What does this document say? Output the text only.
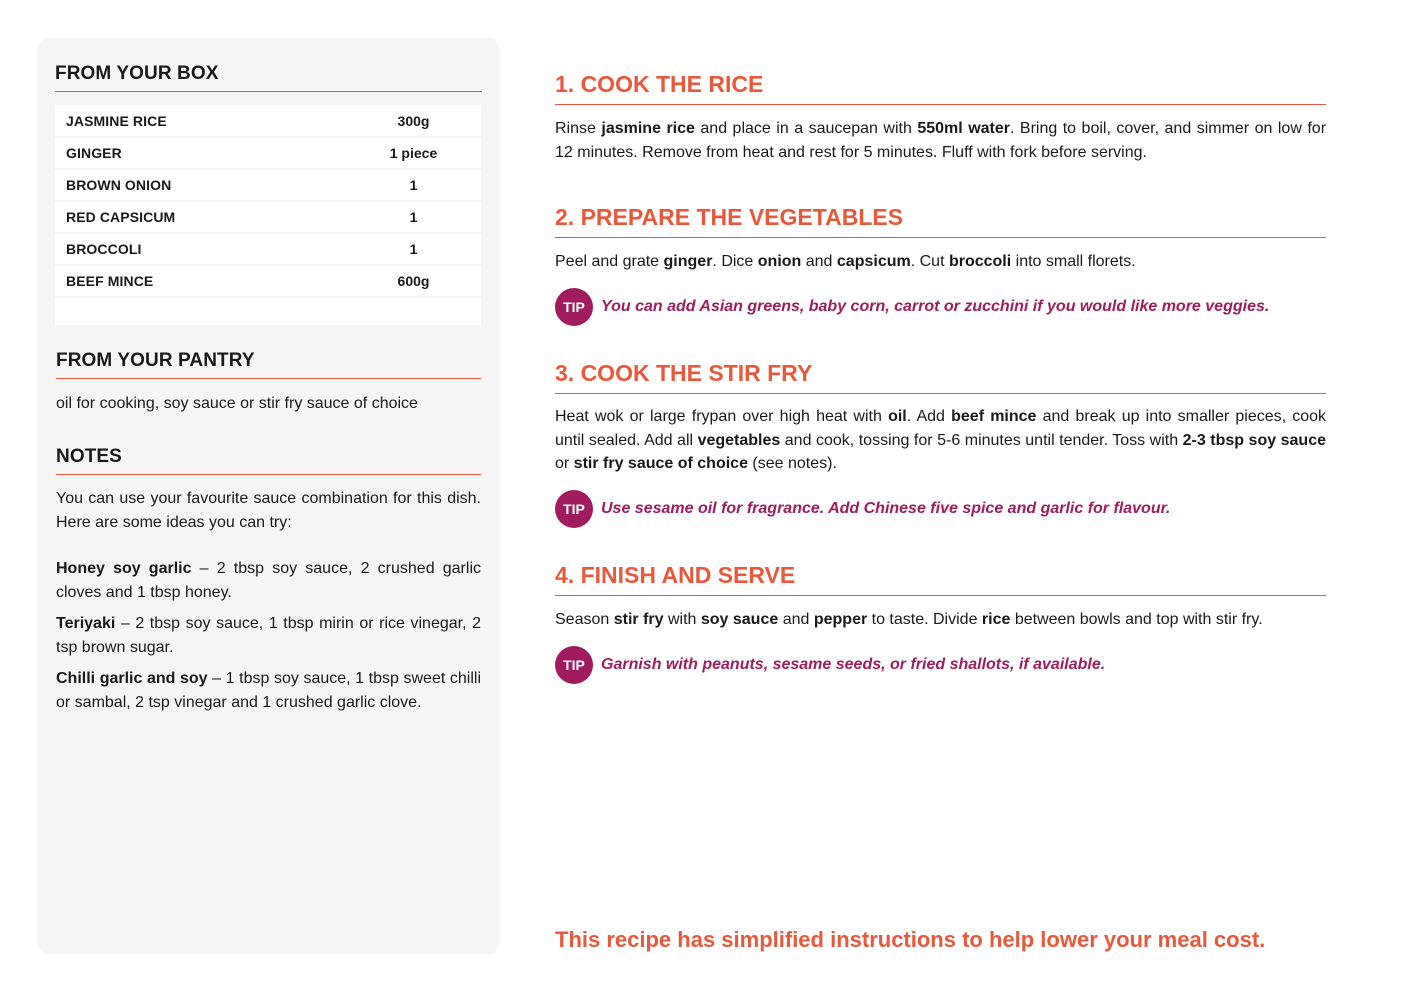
FROM YOUR BOX
JASMINE RICE	300g
GINGER	1 piece
BROWN ONION	1
RED CAPSICUM	1
BROCCOLI	1
BEEF MINCE	600g
FROM YOUR PANTRY
oil for cooking, soy sauce or stir fry sauce of choice
NOTES
You can use your favourite sauce combination for this dish. Here are some ideas you can try:
Honey soy garlic – 2 tbsp soy sauce, 2 crushed garlic cloves and 1 tbsp honey.
Teriyaki – 2 tbsp soy sauce, 1 tbsp mirin or rice vinegar, 2 tsp brown sugar.
Chilli garlic and soy – 1 tbsp soy sauce, 1 tbsp sweet chilli or sambal, 2 tsp vinegar and 1 crushed garlic clove.
1. COOK THE RICE
Rinse jasmine rice and place in a saucepan with 550ml water. Bring to boil, cover, and simmer on low for 12 minutes. Remove from heat and rest for 5 minutes. Fluff with fork before serving.
2. PREPARE THE VEGETABLES
Peel and grate ginger. Dice onion and capsicum. Cut broccoli into small florets.
TIP	You can add Asian greens, baby corn, carrot or zucchini if you would like more veggies.
3. COOK THE STIR FRY
Heat wok or large frypan over high heat with oil. Add beef mince and break up into smaller pieces, cook until sealed. Add all vegetables and cook, tossing for 5-6 minutes until tender. Toss with 2-3 tbsp soy sauce or stir fry sauce of choice (see notes).
TIP	Use sesame oil for fragrance. Add Chinese five spice and garlic for flavour.
4. FINISH AND SERVE
Season stir fry with soy sauce and pepper to taste. Divide rice between bowls and top with stir fry.
TIP	Garnish with peanuts, sesame seeds, or fried shallots, if available.
This recipe has simplified instructions to help lower your meal cost.
